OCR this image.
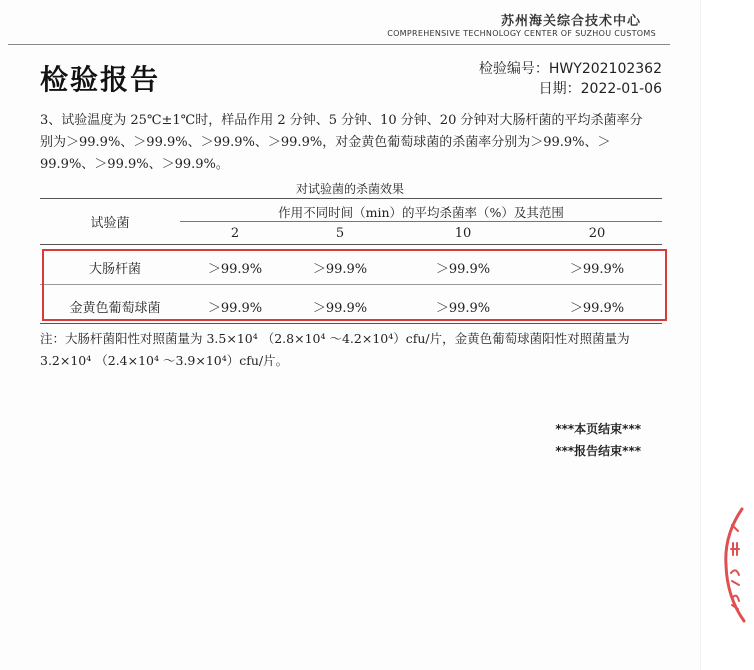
苏州海关综合技术中心
COMPREHENSIVE TECHNOLOGY CENTER OF SUZHOU CUSTOMS
检验报告	检验编号：HWY202102362
日期：2022-01-06
3、试验温度为 25℃±1℃时，样品作用 2 分钟、5 分钟、10 分钟、20 分钟对大肠杆菌的平均杀菌率分别为＞99.9%、＞99.9%、＞99.9%、＞99.9%，对金黄色葡萄球菌的杀菌率分别为＞99.9%、＞99.9%、＞99.9%、＞99.9%。
对试验菌的杀菌效果
试验菌
作用不同时间（min）的平均杀菌率（%）及其范围
2	5	10	20
大肠杆菌	＞99.9%	＞99.9%	＞99.9%	＞99.9%
金黄色葡萄球菌	＞99.9%	＞99.9%	＞99.9%	＞99.9%
注：大肠杆菌阳性对照菌量为 3.5×10⁴ （2.8×10⁴ ～4.2×10⁴）cfu/片，金黄色葡萄球菌阳性对照菌量为 3.2×10⁴ （2.4×10⁴ ～3.9×10⁴）cfu/片。
***本页结束***
***报告结束***
